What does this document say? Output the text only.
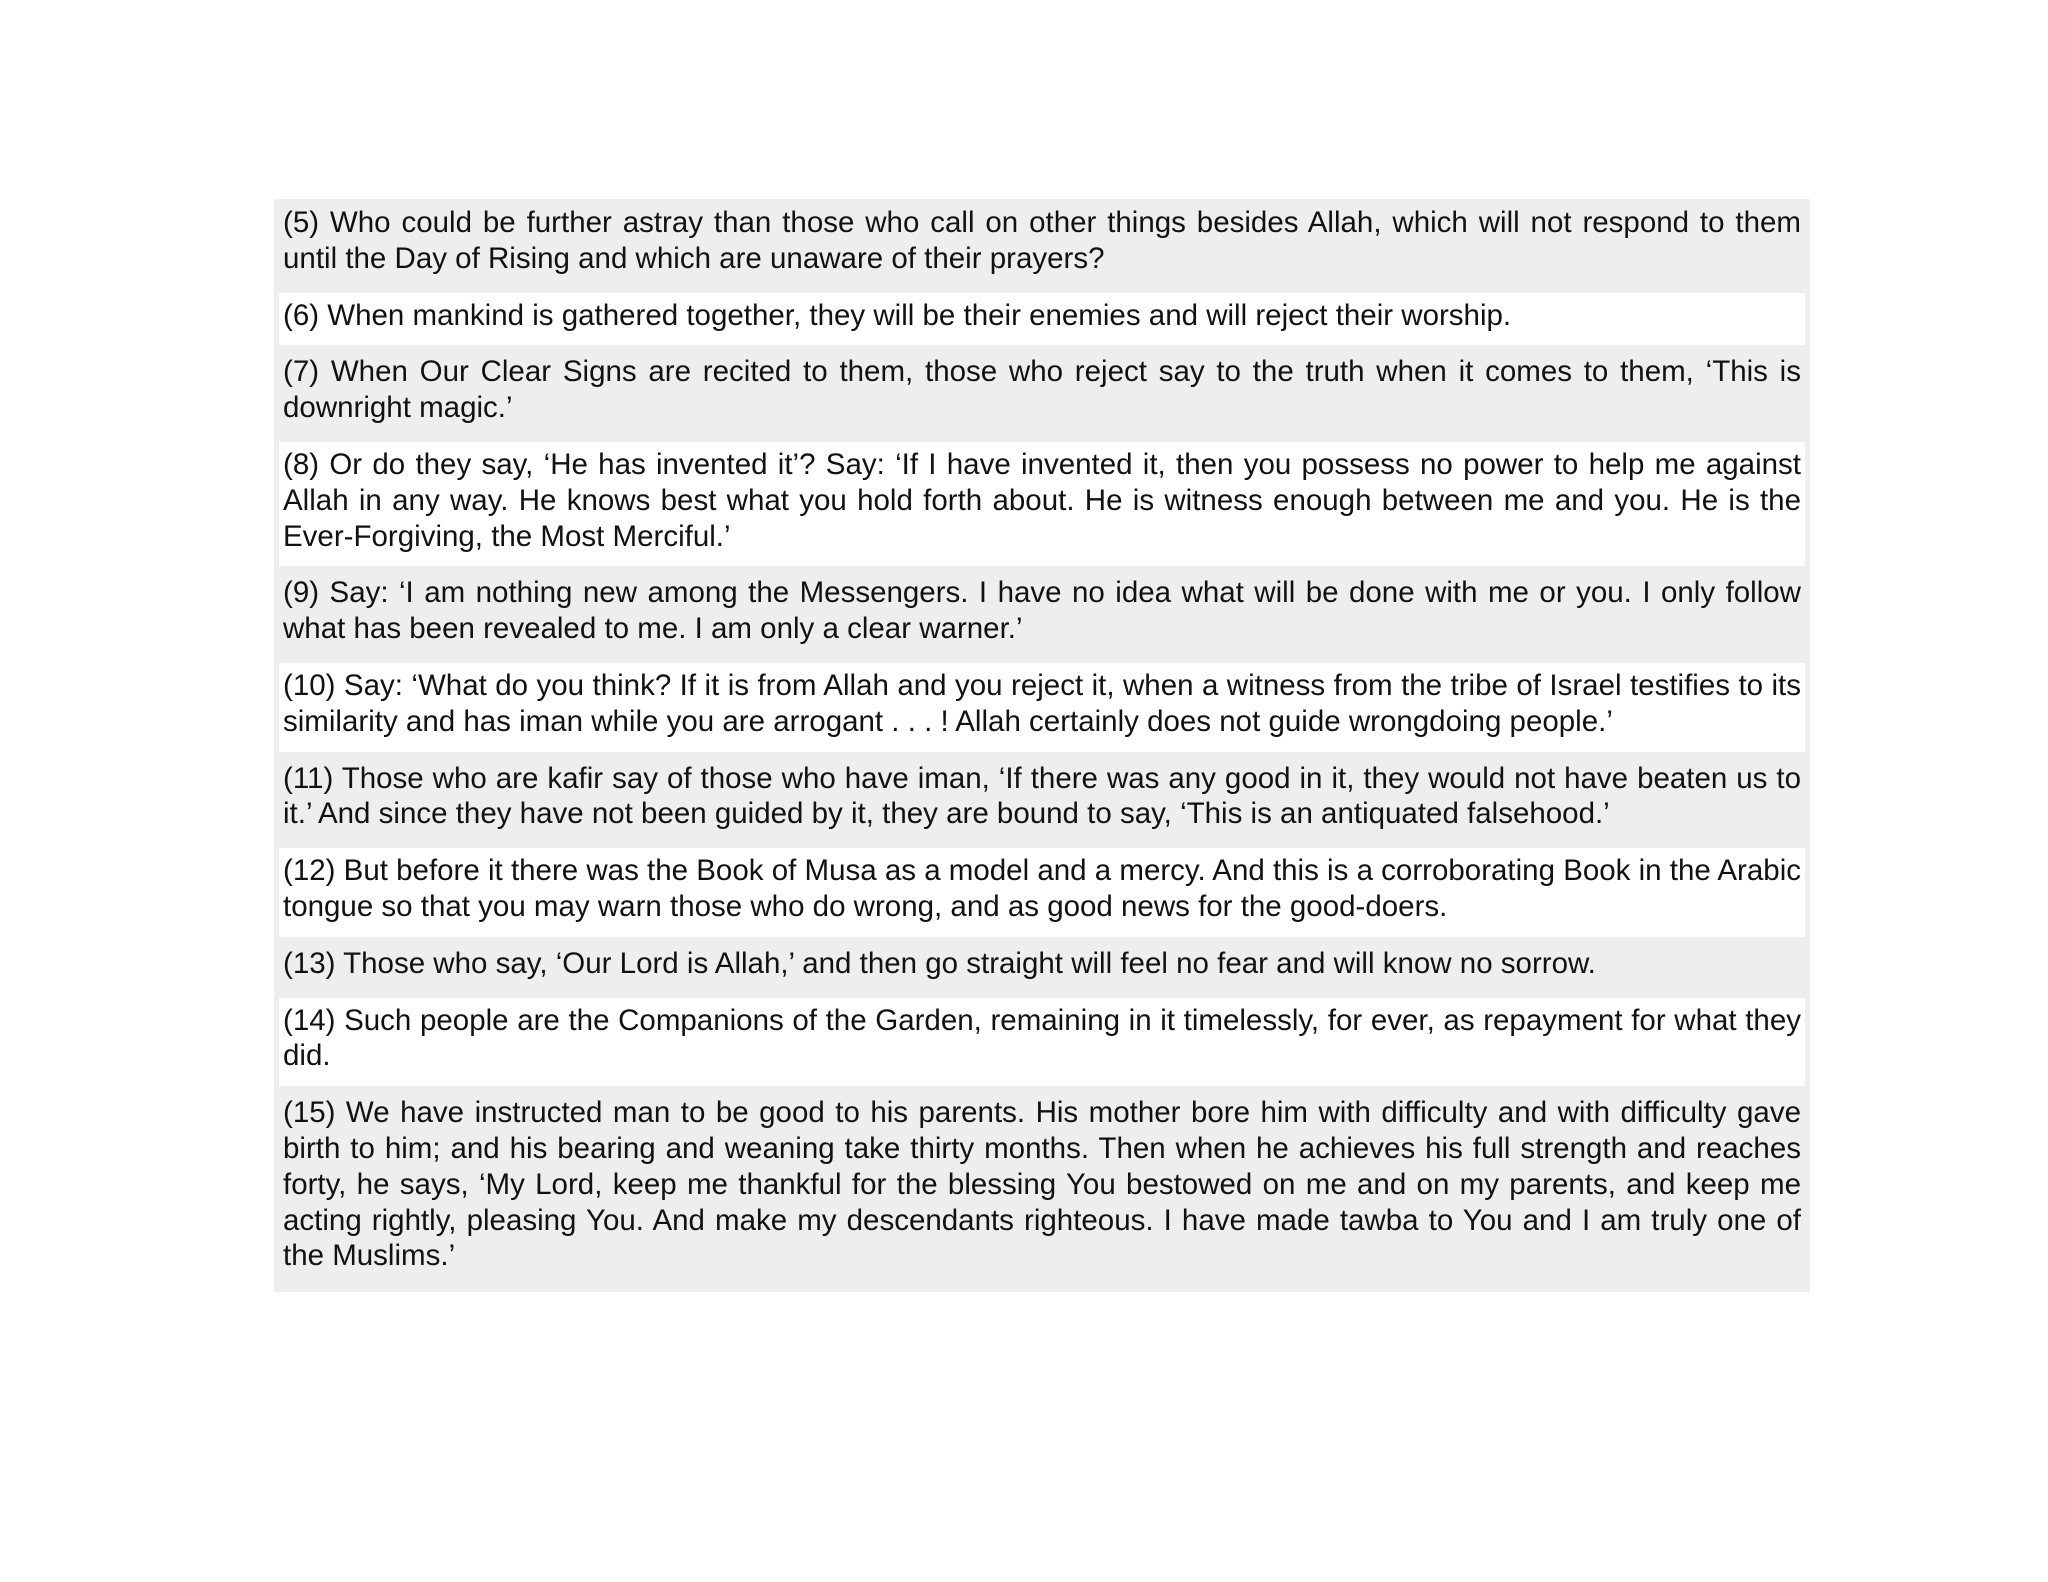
(5) Who could be further astray than those who call on other things besides Allah, which will not respond to them until the Day of Rising and which are unaware of their prayers?
(6) When mankind is gathered together, they will be their enemies and will reject their worship.
(7) When Our Clear Signs are recited to them, those who reject say to the truth when it comes to them, ‘This is downright magic.’
(8) Or do they say, ‘He has invented it’? Say: ‘If I have invented it, then you possess no power to help me against Allah in any way. He knows best what you hold forth about. He is witness enough between me and you. He is the Ever-Forgiving, the Most Merciful.’
(9) Say: ‘I am nothing new among the Messengers. I have no idea what will be done with me or you. I only follow what has been revealed to me. I am only a clear warner.’
(10) Say: ‘What do you think? If it is from Allah and you reject it, when a witness from the tribe of Israel testifies to its similarity and has iman while you are arrogant . . . ! Allah certainly does not guide wrongdoing people.’
(11) Those who are kafir say of those who have iman, ‘If there was any good in it, they would not have beaten us to it.’ And since they have not been guided by it, they are bound to say, ‘This is an antiquated falsehood.’
(12) But before it there was the Book of Musa as a model and a mercy. And this is a corroborating Book in the Arabic tongue so that you may warn those who do wrong, and as good news for the good-doers.
(13) Those who say, ‘Our Lord is Allah,’ and then go straight will feel no fear and will know no sorrow.
(14) Such people are the Companions of the Garden, remaining in it timelessly, for ever, as repayment for what they did.
(15) We have instructed man to be good to his parents. His mother bore him with difficulty and with difficulty gave birth to him; and his bearing and weaning take thirty months. Then when he achieves his full strength and reaches forty, he says, ‘My Lord, keep me thankful for the blessing You bestowed on me and on my parents, and keep me acting rightly, pleasing You. And make my descendants righteous. I have made tawba to You and I am truly one of the Muslims.’
